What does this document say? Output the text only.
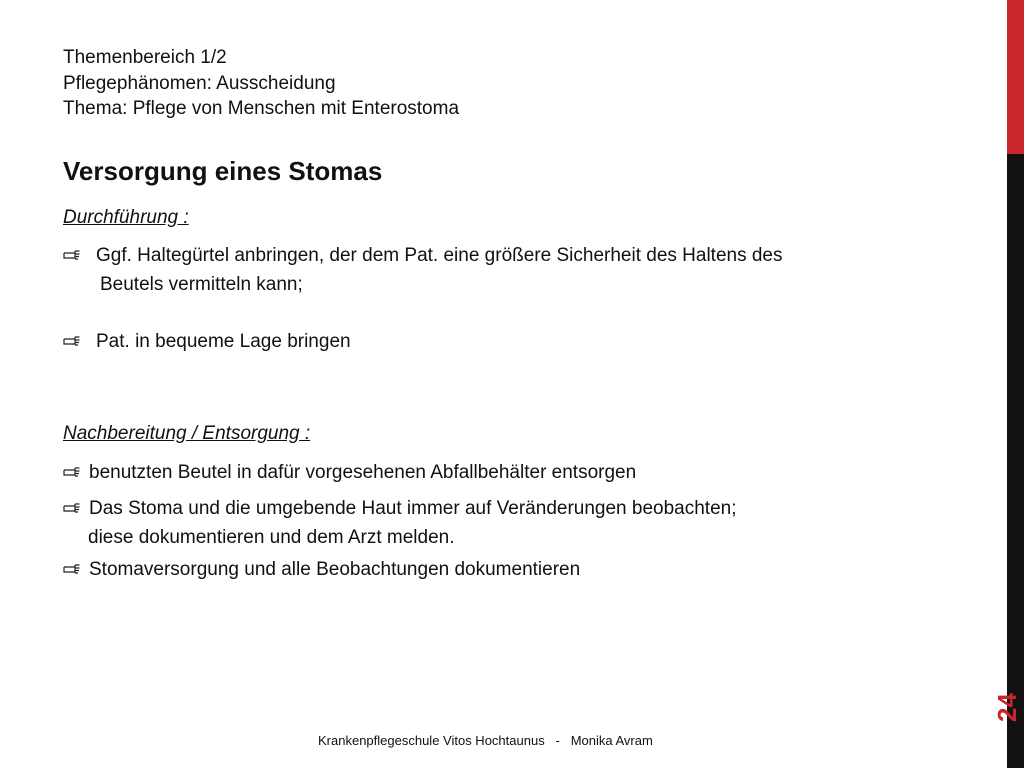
Themenbereich 1/2
Pflegephänomen: Ausscheidung
Thema: Pflege von Menschen mit Enterostoma
Versorgung eines Stomas
Durchführung :
Ggf. Haltegürtel anbringen, der dem Pat. eine größere Sicherheit des Haltens des
Beutels vermitteln kann;
Pat. in bequeme Lage bringen
Nachbereitung / Entsorgung :
benutzten Beutel in dafür vorgesehenen Abfallbehälter entsorgen
Das Stoma und die umgebende Haut immer auf Veränderungen beobachten;
diese dokumentieren und dem Arzt melden.
Stomaversorgung und alle Beobachtungen dokumentieren
Krankenpflegeschule Vitos Hochtaunus   -   Monika Avram
24
